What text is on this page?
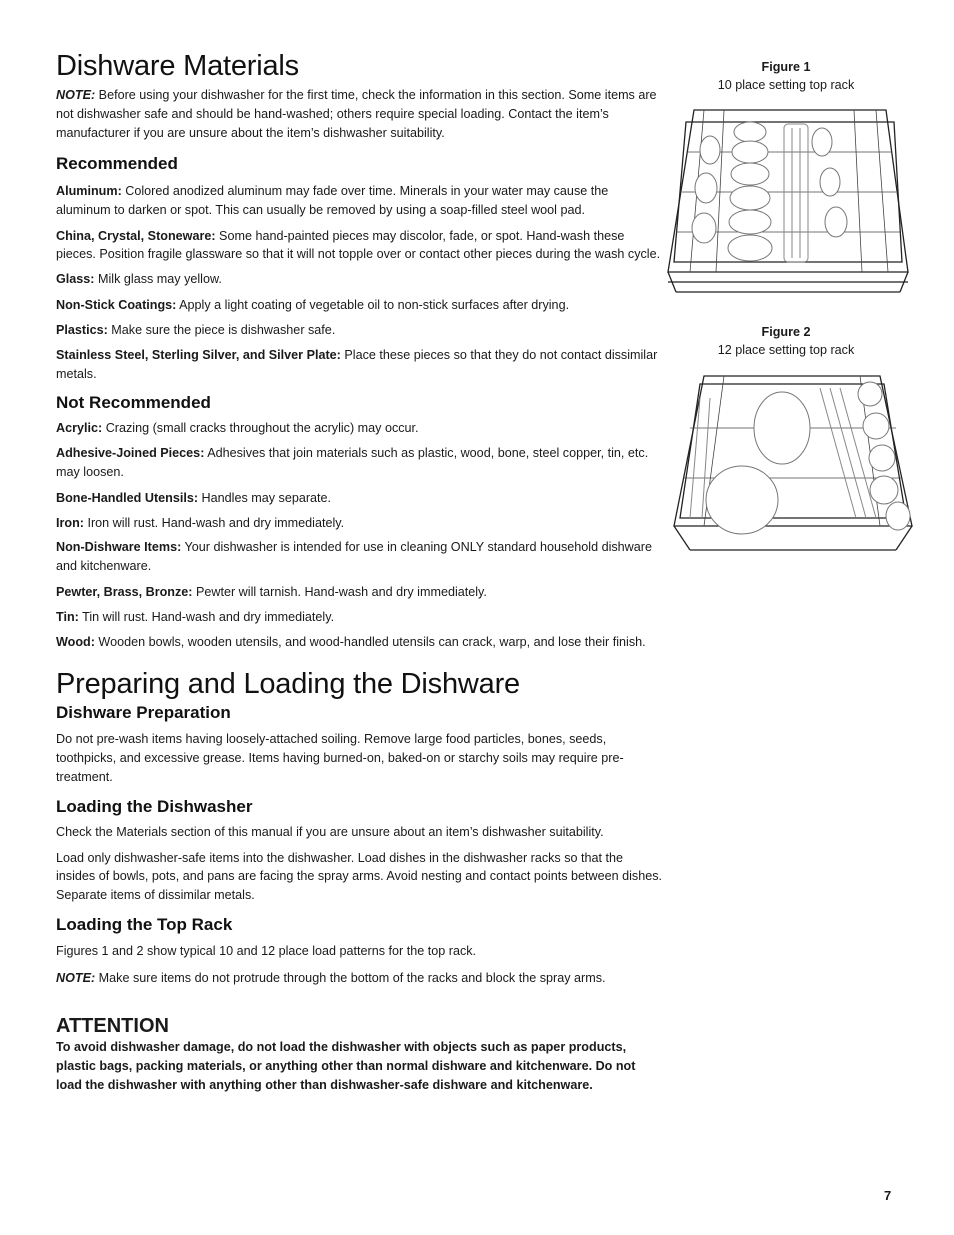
Dishware Materials

NOTE: Before using your dishwasher for the first time, check the information in this section. Some items are not dishwasher safe and should be hand-washed; others require special loading. Contact the item’s manufacturer if you are unsure about the item’s dishwasher suitability.

Recommended

Aluminum: Colored anodized aluminum may fade over time. Minerals in your water may cause the aluminum to darken or spot. This can usually be removed by using a soap-filled steel wool pad.

China, Crystal, Stoneware: Some hand-painted pieces may discolor, fade, or spot. Hand-wash these pieces. Position fragile glassware so that it will not topple over or contact other pieces during the wash cycle.

Glass: Milk glass may yellow.

Non-Stick Coatings: Apply a light coating of vegetable oil to non-stick surfaces after drying.

Plastics: Make sure the piece is dishwasher safe.

Stainless Steel, Sterling Silver, and Silver Plate: Place these pieces so that they do not contact dissimilar metals.

Not Recommended

Acrylic: Crazing (small cracks throughout the acrylic) may occur.

Adhesive-Joined Pieces: Adhesives that join materials such as plastic, wood, bone, steel copper, tin, etc. may loosen.

Bone-Handled Utensils: Handles may separate.

Iron: Iron will rust. Hand-wash and dry immediately.

Non-Dishware Items: Your dishwasher is intended for use in cleaning ONLY standard household dishware and kitchenware.

Pewter, Brass, Bronze: Pewter will tarnish. Hand-wash and dry immediately.

Tin: Tin will rust. Hand-wash and dry immediately.

Wood: Wooden bowls, wooden utensils, and wood-handled utensils can crack, warp, and lose their finish.

Preparing and Loading the Dishware
Dishware Preparation

Do not pre-wash items having loosely-attached soiling. Remove large food particles, bones, seeds, toothpicks, and excessive grease. Items having burned-on, baked-on or starchy soils may require pre-treatment.

Loading the Dishwasher

Check the Materials section of this manual if you are unsure about an item’s dishwasher suitability.

Load only dishwasher-safe items into the dishwasher. Load dishes in the dishwasher racks so that the insides of bowls, pots, and pans are facing the spray arms. Avoid nesting and contact points between dishes. Separate items of dissimilar metals.

Loading the Top Rack

Figures 1 and 2 show typical 10 and 12 place load patterns for the top rack.

NOTE: Make sure items do not protrude through the bottom of the racks and block the spray arms.

ATTENTION

To avoid dishwasher damage, do not load the dishwasher with objects such as paper products, plastic bags, packing materials, or anything other than normal dishware and kitchenware. Do not load the dishwasher with anything other than dishwasher-safe dishware and kitchenware.

Figure 1
10 place setting top rack
Figure 2
12 place setting top rack
7
